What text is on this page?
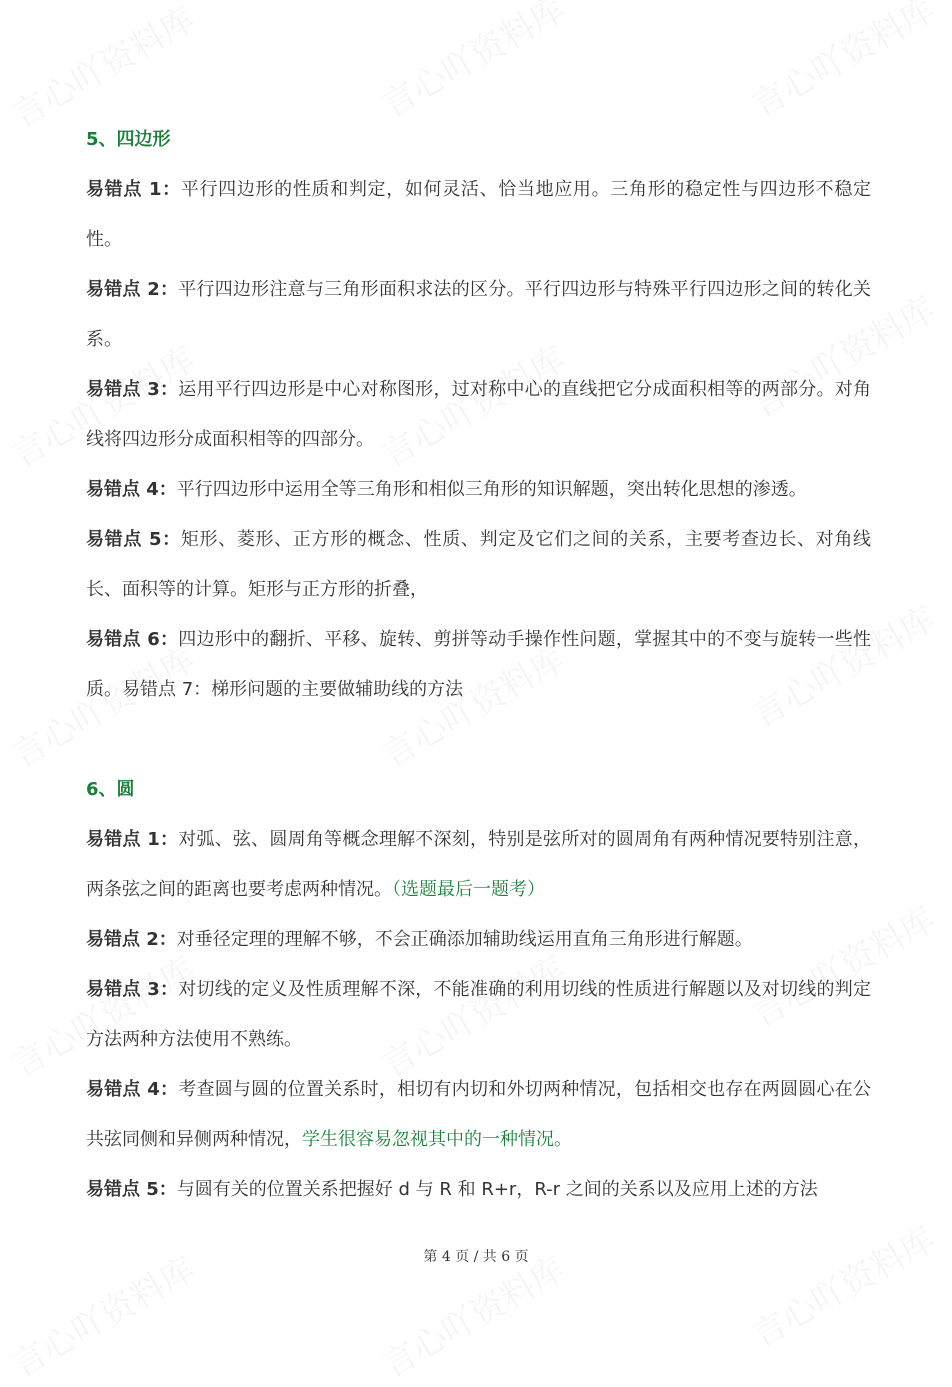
5、四边形

易错点 1：平行四边形的性质和判定，如何灵活、恰当地应用。三角形的稳定性与四边形不稳定性。

易错点 2：平行四边形注意与三角形面积求法的区分。平行四边形与特殊平行四边形之间的转化关系。

易错点 3：运用平行四边形是中心对称图形，过对称中心的直线把它分成面积相等的两部分。对角线将四边形分成面积相等的四部分。

易错点 4：平行四边形中运用全等三角形和相似三角形的知识解题，突出转化思想的渗透。

易错点 5：矩形、菱形、正方形的概念、性质、判定及它们之间的关系，主要考查边长、对角线长、面积等的计算。矩形与正方形的折叠，

易错点 6：四边形中的翻折、平移、旋转、剪拼等动手操作性问题，掌握其中的不变与旋转一些性质。易错点 7：梯形问题的主要做辅助线的方法

6、圆

易错点 1：对弧、弦、圆周角等概念理解不深刻，特别是弦所对的圆周角有两种情况要特别注意，两条弦之间的距离也要考虑两种情况。（选题最后一题考）

易错点 2：对垂径定理的理解不够，不会正确添加辅助线运用直角三角形进行解题。

易错点 3：对切线的定义及性质理解不深，不能准确的利用切线的性质进行解题以及对切线的判定方法两种方法使用不熟练。

易错点 4：考查圆与圆的位置关系时，相切有内切和外切两种情况，包括相交也存在两圆圆心在公共弦同侧和异侧两种情况，学生很容易忽视其中的一种情况。

易错点 5：与圆有关的位置关系把握好 d 与 R 和 R+r，R-r 之间的关系以及应用上述的方法

第 4 页 / 共 6 页
